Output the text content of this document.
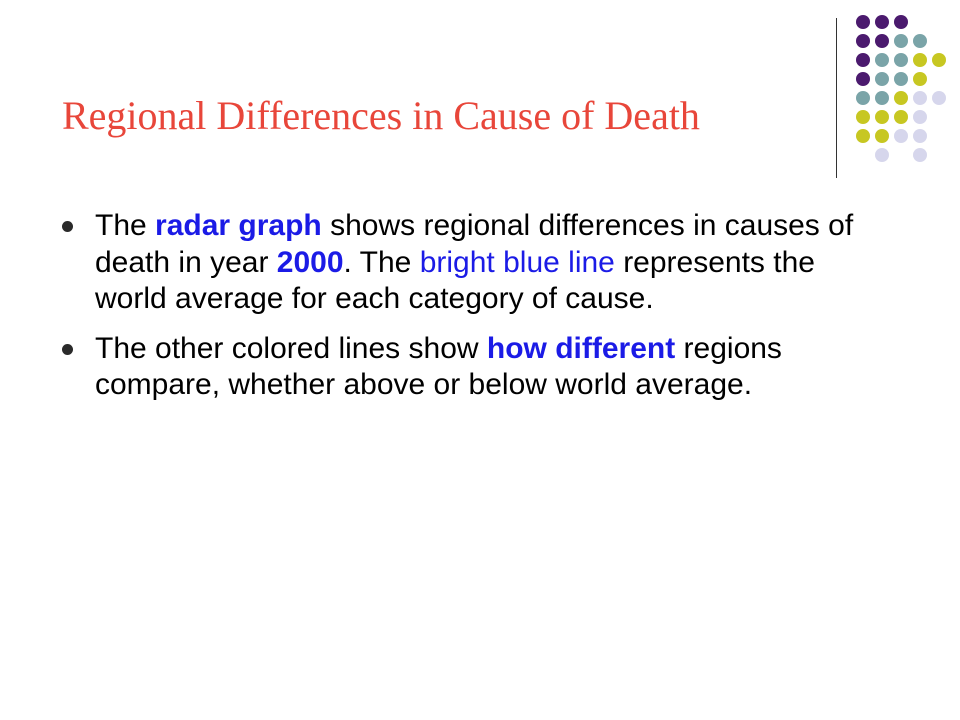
Regional Differences in Cause of Death
The radar graph shows regional differences in causes of death in year 2000. The bright blue line represents the world average for each category of cause.
The other colored lines show how different regions compare, whether above or below world average.
